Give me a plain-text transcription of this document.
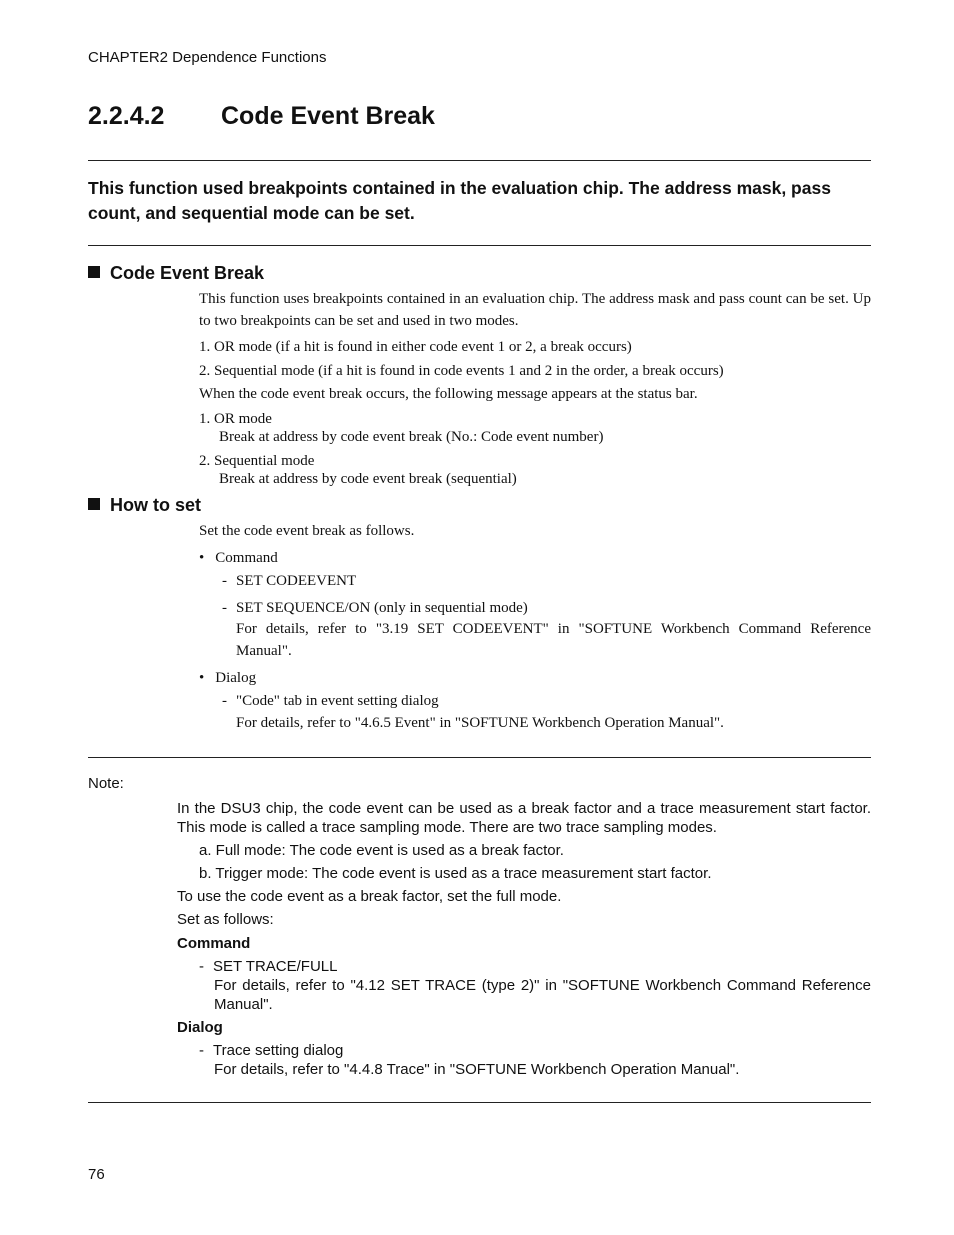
CHAPTER2 Dependence Functions
2.2.4.2 Code Event Break
This function used breakpoints contained in the evaluation chip. The address mask, pass count, and sequential mode can be set.
Code Event Break
This function uses breakpoints contained in an evaluation chip. The address mask and pass count can be set. Up to two breakpoints can be set and used in two modes.
1. OR mode (if a hit is found in either code event 1 or 2, a break occurs)
2. Sequential mode (if a hit is found in code events 1 and 2 in the order, a break occurs)
When the code event break occurs, the following message appears at the status bar.
1. OR mode
Break at address by code event break (No.: Code event number)
2. Sequential mode
Break at address by code event break (sequential)
How to set
Set the code event break as follows.
• Command
- SET CODEEVENT
- SET SEQUENCE/ON (only in sequential mode)
For details, refer to "3.19 SET CODEEVENT" in "SOFTUNE Workbench Command Reference Manual".
• Dialog
- "Code" tab in event setting dialog
For details, refer to "4.6.5 Event" in "SOFTUNE Workbench Operation Manual".
Note:
In the DSU3 chip, the code event can be used as a break factor and a trace measurement start factor. This mode is called a trace sampling mode. There are two trace sampling modes.
a. Full mode: The code event is used as a break factor.
b. Trigger mode: The code event is used as a trace measurement start factor.
To use the code event as a break factor, set the full mode.
Set as follows:
Command
- SET TRACE/FULL
For details, refer to "4.12 SET TRACE (type 2)" in "SOFTUNE Workbench Command Reference Manual".
Dialog
- Trace setting dialog
For details, refer to "4.4.8 Trace" in "SOFTUNE Workbench Operation Manual".
76
